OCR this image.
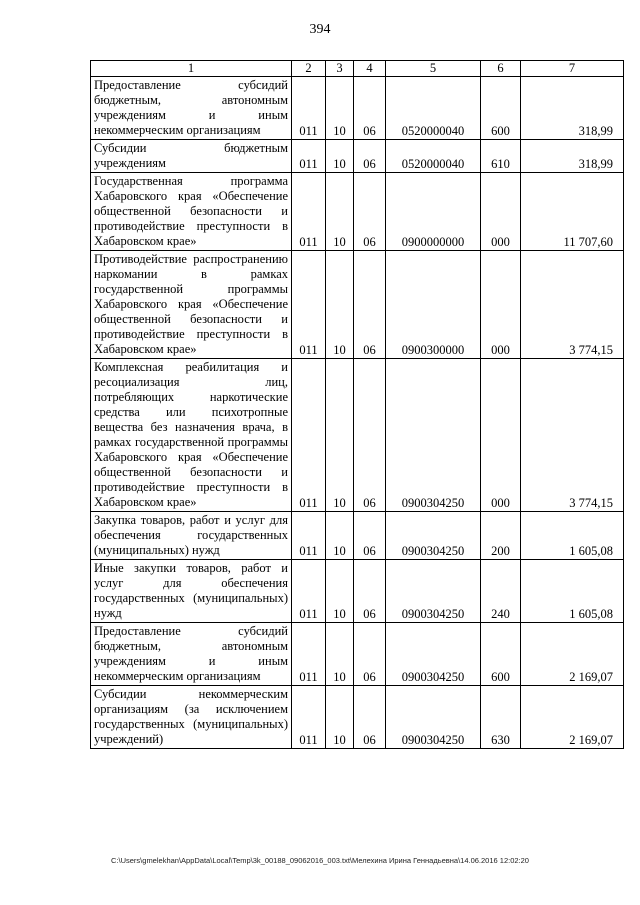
394
1	2	3	4	5	6	7
Предоставление субсидий бюджетным, автономным учреждениям и иным некоммерческим организациям	011	10	06	0520000040	600	318,99
Субсидии бюджетным учреждениям	011	10	06	0520000040	610	318,99
Государственная программа Хабаровского края «Обеспечение общественной безопасности и противодействие преступности в Хабаровском крае»	011	10	06	0900000000	000	11 707,60
Противодействие распространению наркомании в рамках государственной программы Хабаровского края «Обеспечение общественной безопасности и противодействие преступности в Хабаровском крае»	011	10	06	0900300000	000	3 774,15
Комплексная реабилитация и ресоциализация лиц, потребляющих наркотические средства или психотропные вещества без назначения врача, в рамках государственной программы Хабаровского края «Обеспечение общественной безопасности и противодействие преступности в Хабаровском крае»	011	10	06	0900304250	000	3 774,15
Закупка товаров, работ и услуг для обеспечения государственных (муниципальных) нужд	011	10	06	0900304250	200	1 605,08
Иные закупки товаров, работ и услуг для обеспечения государственных (муниципальных) нужд	011	10	06	0900304250	240	1 605,08
Предоставление субсидий бюджетным, автономным учреждениям и иным некоммерческим организациям	011	10	06	0900304250	600	2 169,07
Субсидии некоммерческим организациям (за исключением государственных (муниципальных) учреждений)	011	10	06	0900304250	630	2 169,07
C:\Users\gmelekhan\AppData\Local\Temp\3k_00188_09062016_003.txt\Мелехина Ирина Геннадьевна\14.06.2016 12:02:20
